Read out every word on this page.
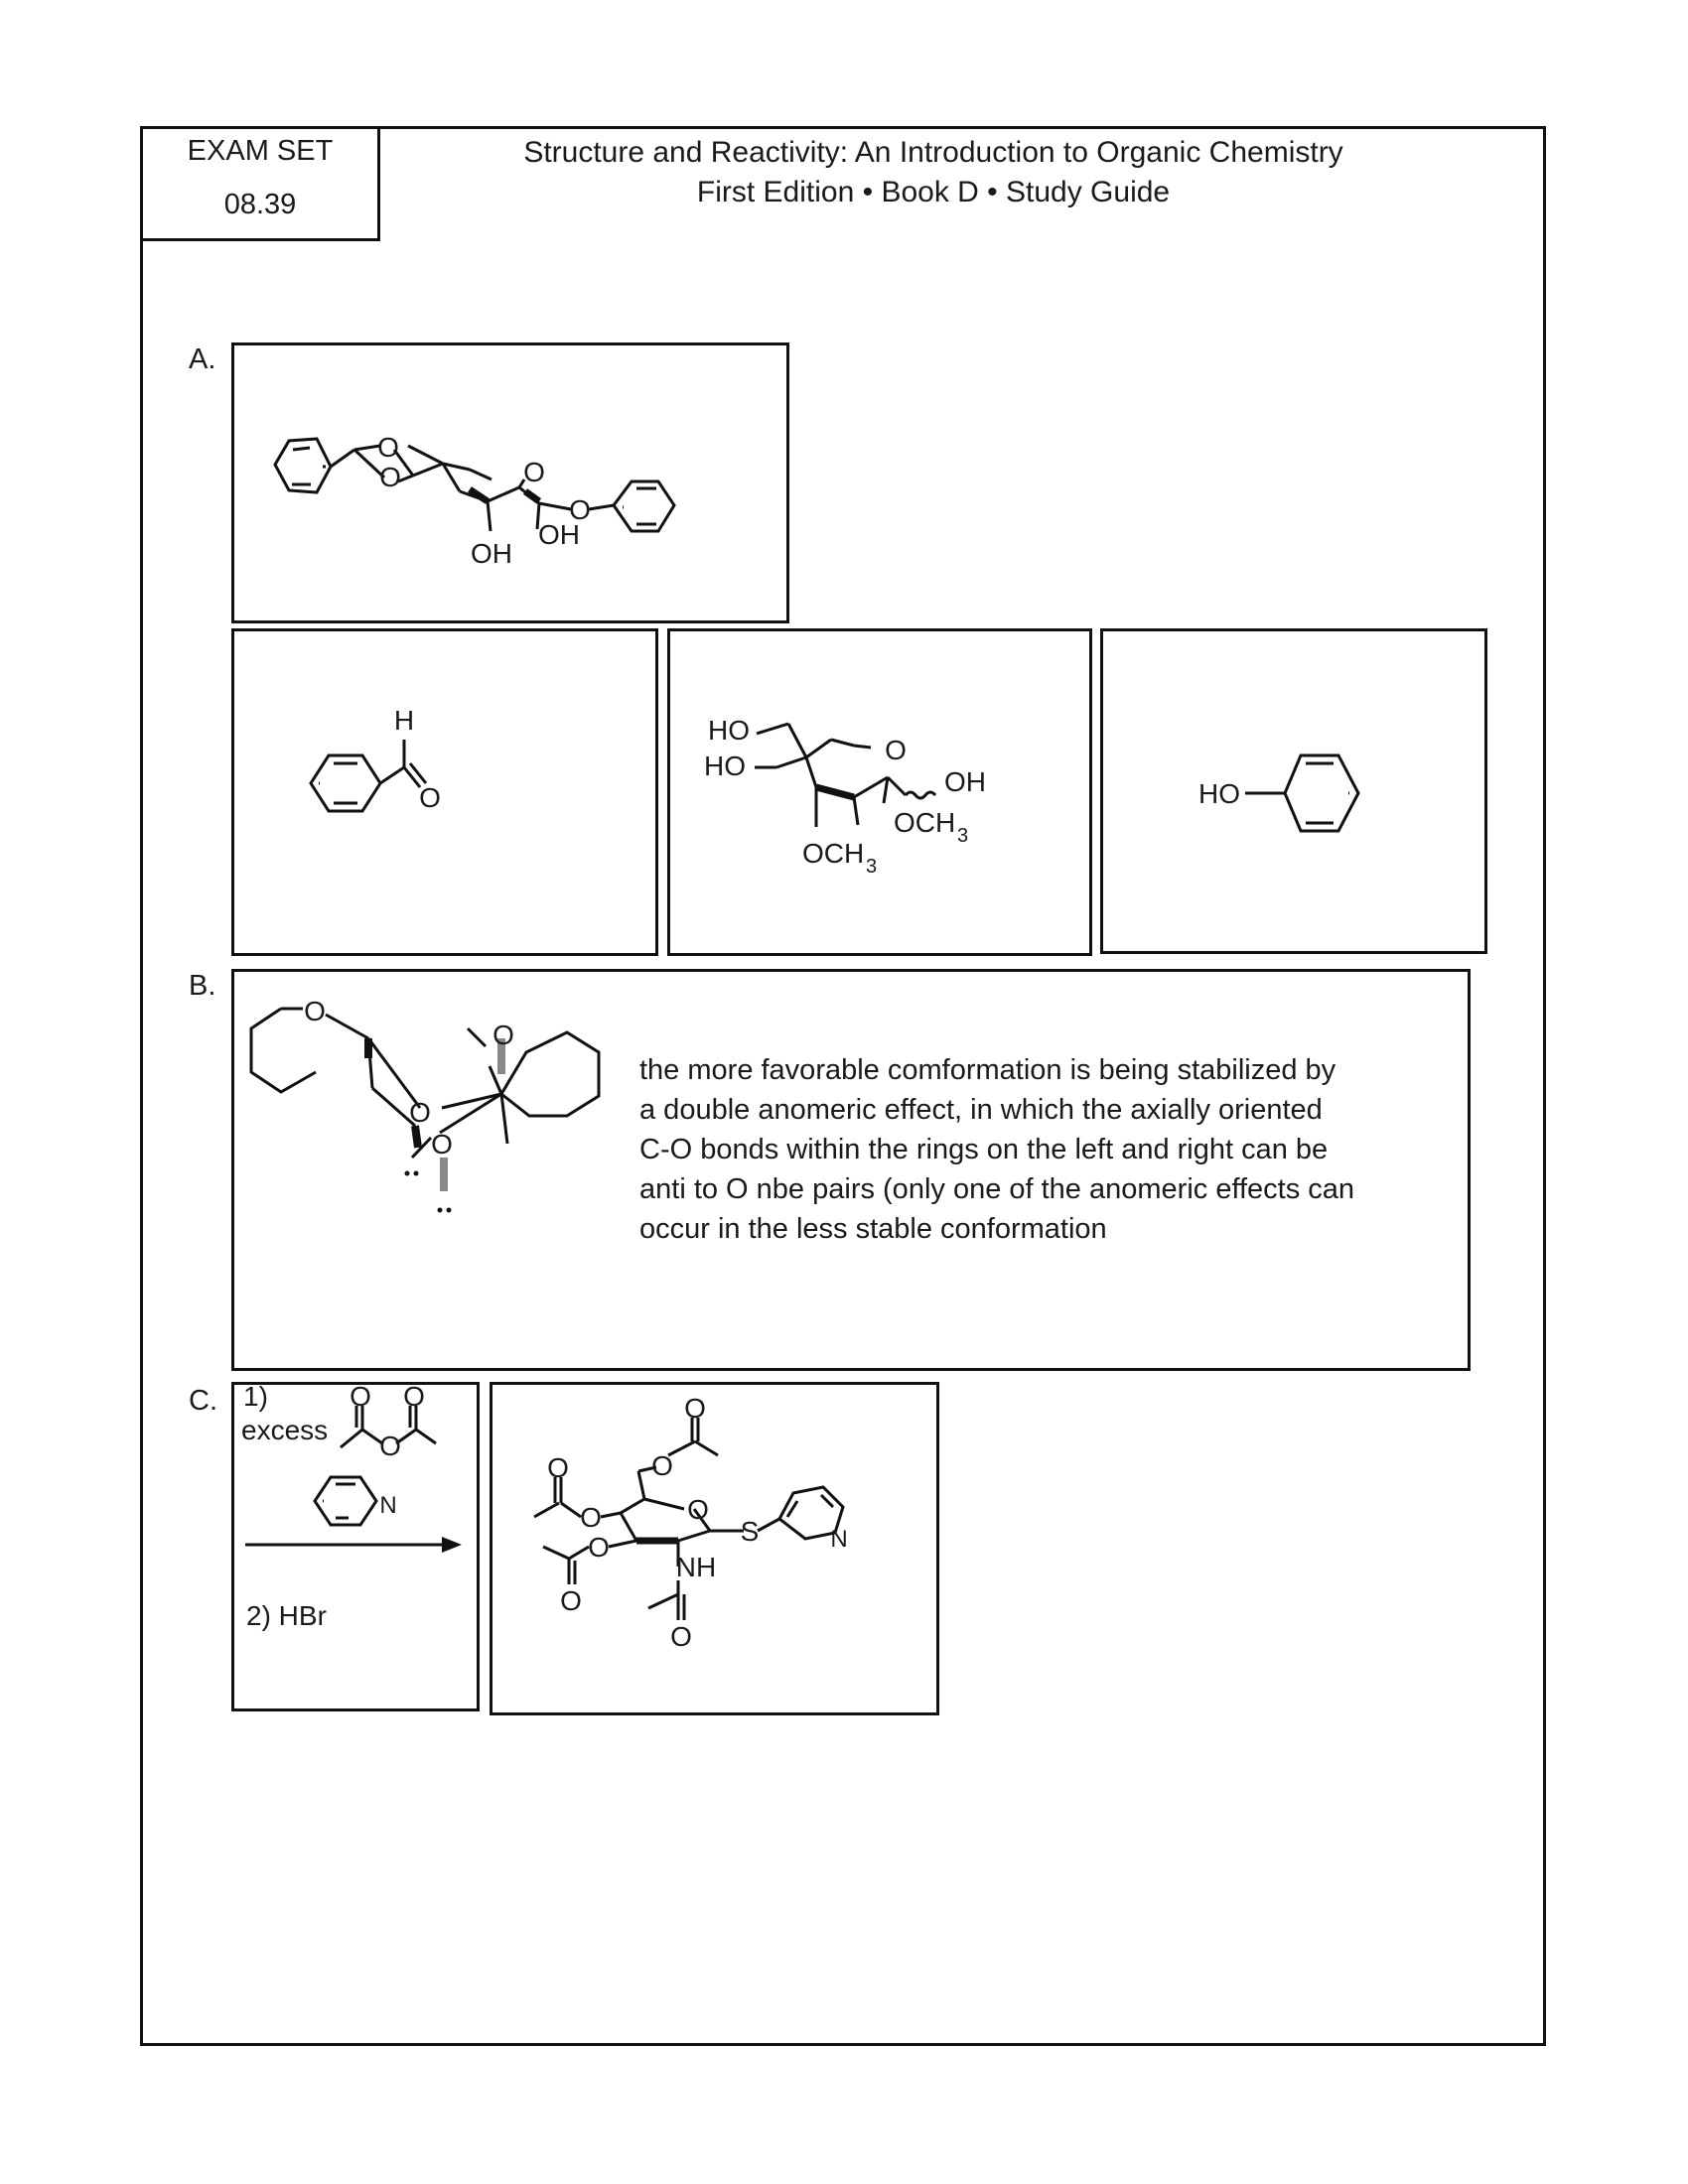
EXAM SET
08.39
Structure and Reactivity: An Introduction to Organic Chemistry
First Edition • Book D • Study Guide
A.
O
O	O
O
OH
OH
H
O
HO
HO
O
OH
OCH 3
OCH 3
HO
B.
O
O
O
O
the more favorable comformation is being stabilized by
a double anomeric effect, in which the axially oriented
C-O bonds within the rings on the left and right can be
anti to O nbe pairs (only one of the anomeric effects can
occur in the less stable conformation
C. 1)
excess
2) HBr
O O
O
N
O
O
O
O
O
O
O
O
NH
S	N
